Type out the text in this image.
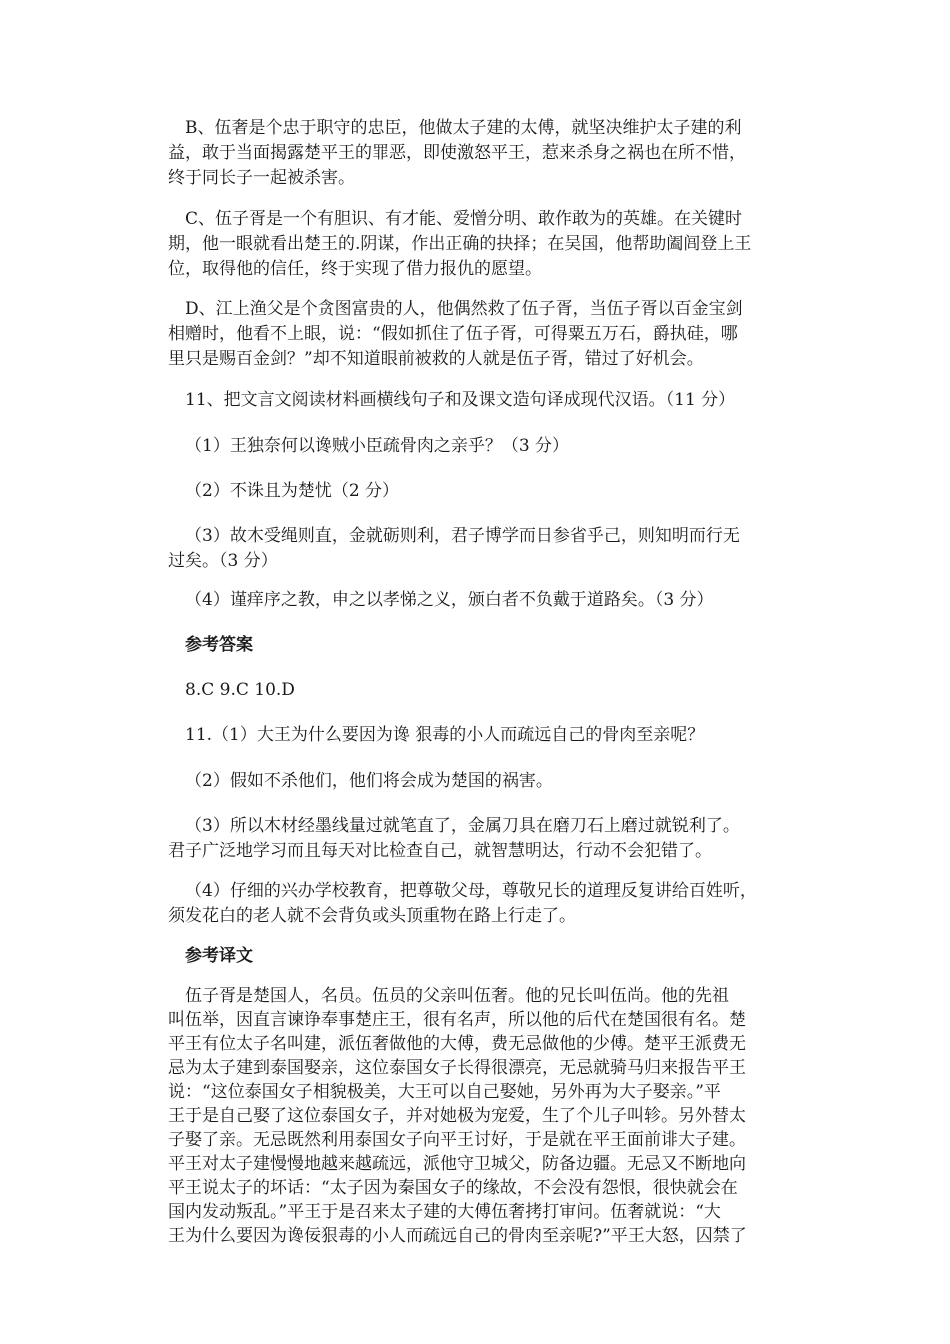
B、伍奢是个忠于职守的忠臣，他做太子建的太傅，就坚决维护太子建的利
益，敢于当面揭露楚平王的罪恶，即使激怒平王，惹来杀身之祸也在所不惜，
终于同长子一起被杀害。
C、伍子胥是一个有胆识、有才能、爱憎分明、敢作敢为的英雄。在关键时
期，他一眼就看出楚王的.阴谋，作出正确的抉择；在吴国，他帮助阖闾登上王
位，取得他的信任，终于实现了借力报仇的愿望。
D、江上渔父是个贪图富贵的人，他偶然救了伍子胥，当伍子胥以百金宝剑
相赠时，他看不上眼，说：“假如抓住了伍子胥，可得粟五万石，爵执硅，哪
里只是赐百金剑？”却不知道眼前被救的人就是伍子胥，错过了好机会。
11、把文言文阅读材料画横线句子和及课文造句译成现代汉语。（11 分）
（1）王独奈何以谗贼小臣疏骨肉之亲乎？（3 分）
（2）不诛且为楚忧（2 分）
（3）故木受绳则直，金就砺则利，君子博学而日参省乎己，则知明而行无
过矣。（3 分）
（4）谨痒序之教，申之以孝悌之义，颁白者不负戴于道路矣。（3 分）
参考答案
8.C 9.C 10.D
11.（1）大王为什么要因为谗 狠毒的小人而疏远自己的骨肉至亲呢？
（2）假如不杀他们，他们将会成为楚国的祸害。
（3）所以木材经墨线量过就笔直了，金属刀具在磨刀石上磨过就锐利了。
君子广泛地学习而且每天对比检查自己，就智慧明达，行动不会犯错了。
（4）仔细的兴办学校教育，把尊敬父母，尊敬兄长的道理反复讲给百姓听，
须发花白的老人就不会背负或头顶重物在路上行走了。
参考译文
伍子胥是楚国人，名员。伍员的父亲叫伍奢。他的兄长叫伍尚。他的先祖
叫伍举，因直言谏诤奉事楚庄王，很有名声，所以他的后代在楚国很有名。楚
平王有位太子名叫建，派伍奢做他的大傅，费无忌做他的少傅。楚平王派费无
忌为太子建到泰国娶亲，这位泰国女子长得很漂亮，无忌就骑马归来报告平王
说：“这位泰国女子相貌极美，大王可以自己娶她，另外再为大子娶亲。”平
王于是自己娶了这位泰国女子，并对她极为宠爱，生了个儿子叫轸。另外替太
子娶了亲。无忌既然利用泰国女子向平王讨好，于是就在平王面前诽大子建。
平王对太子建慢慢地越来越疏远，派他守卫城父，防备边疆。无忌又不断地向
平王说太子的坏话：“太子因为秦国女子的缘故，不会没有怨恨，很快就会在
国内发动叛乱。”平王于是召来太子建的大傅伍奢拷打审问。伍奢就说：“大
王为什么要因为谗佞狠毒的小人而疏远自己的骨肉至亲呢?”平王大怒，囚禁了
